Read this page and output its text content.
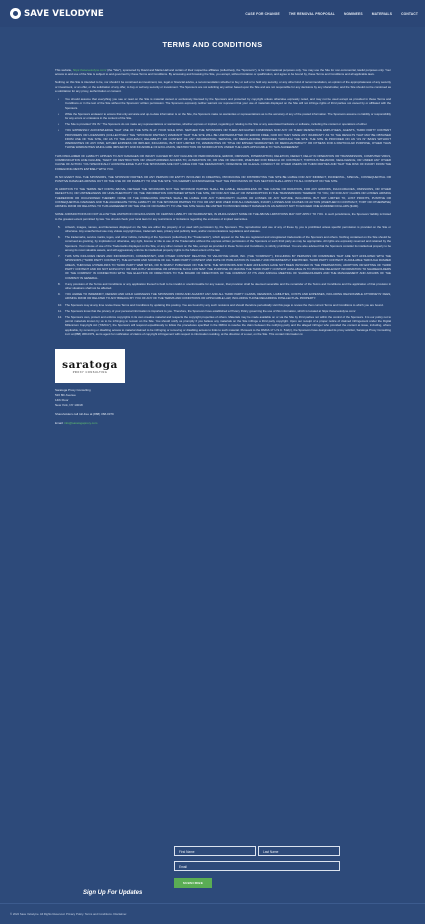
SAVE VELODYNE	CASE FOR CHANGE	THE REMOVAL PROPOSAL	NOMINEES	MATERIALS	CONTACT
TERMS AND CONDITIONS

This website, https://savevelodyne.com/ (the "Site"), sponsored by David and Marta Hall and certain of their respective affiliates (collectively, the "Sponsors"), is for informational purposes only. You may use the Site for non-commercial, lawful purposes only. Your access to and use of the Site is subject to and governed by these Terms and Conditions. By accessing and browsing the Site, you accept, without limitation or qualification, and agree to be bound by, these Terms and Conditions and all applicable laws.

Nothing on this Site is intended to be, nor should it be construed as investment, tax, legal or financial advice, a recommendation whether to buy or sell or to hold any security, or any other kind of recommendation, an opinion of the appropriateness of any security or investment, or an offer, or the solicitation of any offer, to buy or sell any security or investment. The Sponsors are not soliciting any action based upon the Site and are not responsible for any decisions by any shareholder, and the Site should not be construed as a solicitation for any proxy, authorization or consent.

• You should assume that everything you see or read on the Site is material owned or exclusively licensed by the Sponsors and protected by copyright unless otherwise expressly noted, and may not be used except as provided in these Terms and Conditions or in the text of the Site without the Sponsors' written permission. The Sponsors expressly neither warrant nor represent that your use of materials displayed on the Site will not infringe rights of third parties not owned by or affiliated with the Sponsors.
• While the Sponsors endeavor to ensure that only accurate and up-to-date information is on the Site, the Sponsors make no warranties or representations as to the accuracy of any of the posted information. The Sponsors assume no liability or responsibility for any errors or omissions in the content of the Site.
• The Site is provided "AS IS." The Sponsors do not make any representations or warranties, whether express or implied, regarding or relating to the Site or any associated hardware or software, including the content or operations of either.
• YOU EXPRESSLY ACKNOWLEDGE THAT USE OF THE SITE IS AT YOUR SOLE RISK. NEITHER THE SPONSORS OR THEIR AFFILIATED COMPANIES NOR ANY OF THEIR RESPECTIVE EMPLOYEES, AGENTS, THIRD PARTY CONTENT PROVIDERS OR LICENSORS (COLLECTIVELY THE "SPONSOR PARTIES") WARRANT THAT THE SITE WILL BE UNINTERRUPTED OR ERROR FREE, NOR DO THEY MAKE ANY WARRANTY AS TO THE RESULTS THAT MAY BE OBTAINED FROM USE OF THE SITE, OR AS TO THE ACCURACY, RELIABILITY OR CONTENT OF ANY INFORMATION, SERVICE, OR MERCHANDISE PROVIDED THROUGH THE SITE. THE SITE IS PROVIDED ON AN "AS IS" BASIS WITHOUT WARRANTIES OF ANY KIND, EITHER EXPRESS OR IMPLIED, INCLUDING, BUT NOT LIMITED TO, WARRANTIES OF TITLE OR IMPLIED WARRANTIES OF MERCHANTABILITY OR FITNESS FOR A PARTICULAR PURPOSE, OTHER THAN THOSE WARRANTIES WHICH ARE IMPLIED BY AND INCAPABLE OF EXCLUSION, RESTRICTION OR MODIFICATION UNDER THE LAWS APPLICABLE TO THIS AGREEMENT.

THIS DISCLAIMER OF LIABILITY APPLIES TO ANY DAMAGES OR INJURY CAUSED BY ANY FAILURE OF PERFORMANCE, ERROR, OMISSION, INTERRUPTION, DELETION, DEFECT, DELAY IN OPERATION OR TRANSMISSION, COMPUTER VIRUS, COMMUNICATION LINE FAILURE, THEFT OR DESTRUCTION OR UNAUTHORIZED ACCESS TO, ALTERATION OF, OR USE OF RECORD, WHETHER FOR BREACH OF CONTRACT, TORTIOUS BEHAVIOR, NEGLIGENCE, OR UNDER ANY OTHER CAUSE OF ACTION. YOU SPECIFICALLY ACKNOWLEDGE THAT THE SPONSORS ARE NOT LIABLE FOR THE DEFAMATORY, OFFENSIVE OR ILLEGAL CONDUCT OF OTHER USERS OR THIRD PARTIES AND THAT THE RISK OF INJURY FROM THE FOREGOING RESTS ENTIRELY WITH YOU.

IN NO EVENT WILL THE SPONSORS, THE SPONSOR PARTIES OR ANY PERSON OR ENTITY INVOLVED IN CREATING, PRODUCING OR DISTRIBUTING THE SITE BE LIABLE FOR ANY INDIRECT, INCIDENTAL, SPECIAL, CONSEQUENTIAL OR PUNITIVE DAMAGES ARISING OUT OF THE USE OF OR INABILITY TO USE THE SITE. YOU HEREBY ACKNOWLEDGE THAT THE PROVISIONS OF THIS SECTION SHALL APPLY TO ALL CONTENT ON THE SITE.

IN ADDITION TO THE TERMS SET FORTH ABOVE, NEITHER THE SPONSORS NOT THE SPONSOR PARTIES SHALL BE LIABLE, REGARDLESS OF THE CAUSE OR DURATION, FOR ANY ERRORS, INACCURACIES, OMISSIONS, OR OTHER DEFECTS IN, OR UNTIMELINESS OR UNAUTHENTICITY OF, THE INFORMATION CONTAINED WITHIN THE SITE, OR FOR ANY DELAY OR INTERRUPTION IN THE TRANSMISSION THEREOF TO YOU, OR FOR ANY CLAIMS OR LOSSES ARISING THEREFROM OR OCCASIONED THEREBY. NONE OF THE FOREGOING PARTIES SHALL BE LIABLE FOR ANY THIRD-PARTY CLAIMS OR LOSSES OF ANY NATURE, INCLUDING, BUT NOT LIMITED TO, LOST PROFITS, PUNITIVE OR CONSEQUENTIAL DAMAGES AND THE AGGREGATE TOTAL LIABILITY OF THE SPONSOR PARTIES TO YOU OR ANY END USER FOR ALL DAMAGES, INJURY, LOSSES AND CAUSES OF ACTION (WHETHER IN CONTRACT, TORT OR OTHERWISE) ARISING FROM OR RELATING TO THIS AGREEMENT OR THE USE OF OR INABILITY TO USE THE SITE SHALL BE LIMITED TO PROVEN DIRECT DAMAGES IN AN AMOUNT NOT TO EXCEED ONE HUNDRED DOLLARS ($100).

SOME JURISDICTIONS DO NOT ALLOW THE LIMITATION OR EXCLUSION OF CERTAIN LIABILITY OR WARRANTIES, IN WHICH EVENT SOME OF THE ABOVE LIMITATIONS MAY NOT APPLY TO YOU. In such jurisdictions, the Sponsors' liability is limited to the greatest extent permitted by law. You should check your local laws for any restrictions or limitations regarding the exclusion of implied warranties.

5. Artwork, images, names, and likenesses displayed on the Site are either the property of or used with permission by, the Sponsors. The reproduction and use of any of these by you is prohibited unless specific permission is provided on the Site or otherwise. Any unauthorized use may violate copyright laws, trademark laws, privacy and publicity laws, and/or communications regulations and statutes.
6. The trademarks, service marks, logos, and other indicia, including of the Sponsors (collectively the "Trademarks"), which appear on the Site are registered and unregistered trademarks of the Sponsors and others. Nothing contained on the Site should be construed as granting, by implication or otherwise, any right, license or title to use of the Trademarks without the express written permission of the Sponsors or such third party as may be appropriate. All rights are expressly reserved and retained by the Sponsors. Your misuse of use of the Trademarks displayed on the Site, or any other content on the Site, except as provided in these Terms and Conditions, is strictly prohibited. You are also advised that the Sponsors consider its intellectual property to be among its most valuable assets, and will aggressively enforce its intellectual property rights to the fullest extent of the law.
7. THIS SITE INCLUDES NEWS AND INFORMATION, COMMENTARY, AND OTHER CONTENT RELATING TO VELODYNE LIDAR, INC. (THE "COMPANY"), INCLUDING BY PERSONS OR COMPANIES THAT ARE NOT AFFILIATED WITH THE SPONSORS ("THIRD PARTY CONTENT"). THE AUTHOR AND SOURCE OF ALL THIRD PARTY CONTENT AND DATE OF PUBLICATION IS CLEARLY AND PROMINENTLY IDENTIFIED. THIRD PARTY CONTENT IS AVAILABLE THROUGH FRAMED AREAS, THROUGH HYPERLINKS TO THIRD PARTY WEB SITES, OR IS SIMPLY PUBLISHED ON THE SITE. THE SPONSORS AND THEIR AFFILIATES HAVE NOT BEEN INVOLVED IN THE PREPARATION, ADOPTION OR EDITING OF THIRD PARTY CONTENT AND DO NOT EXPLICITLY OR IMPLICITLY ENDORSE OR APPROVE SUCH CONTENT. THE PURPOSE OF MAKING THE THIRD PARTY CONTENT AVAILABLE IS TO PROVIDE RELEVANT INFORMATION TO SHAREHOLDERS OF THE COMPANY IN CONNECTION WITH THE ELECTION OF DIRECTORS TO THE BOARD OF DIRECTORS OF THE COMPANY AT ITS 2022 ANNUAL MEETING OF SHAREHOLDERS AND THE MANAGEMENT AND AFFAIRS OF THE COMPANY IN GENERAL.
8. If any provision of the Terms and Conditions or any application thereof is held to be invalid or unenforceable for any reason, that provision shall be deemed severable and the remainder of the Terms and Conditions and the application of that provision in other situations shall not be affected.
9. YOU AGREE TO INDEMNIFY, DEFEND AND HOLD HARMLESS THE SPONSORS FROM AND AGAINST ANY AND ALL THIRD PARTY CLAIMS, DEMANDS, LIABILITIES, COSTS AND EXPENSES, INCLUDING REASONABLE ATTORNEYS' FEES, ARISING FROM OR RELATED TO ANY BREACH BY YOU OF ANY OF THE TERMS AND CONDITIONS OR APPLICABLE LAW, INCLUDING THOSE REGARDING INTELLECTUAL PROPERTY.
10. The Sponsors may at any time revise these Terms and Conditions by updating this posting. You are bound by any such revisions and should therefore periodically visit this page to review the then current Terms and Conditions to which you are bound.
11. The Sponsors know that the privacy of your personal information is important to you. Therefore, the Sponsors have established a Privacy Policy governing the use of this information, which is located at https://savevelodyne.com/.
12. The Sponsors own, protect and enforce copyrights in its own creative material and respects the copyright properties of others. Materials may be made available on or via the Site by third parties not within the control of the Sponsors. It is our policy not to permit materials known by us to be infringing to remain on the Site. You should notify us promptly if you believe any materials on the Site infringe a third party copyright. Upon our receipt of a proper notice of claimed infringement under the Digital Millennium Copyright Act ("DMCA"), the Sponsors will respond expeditiously to follow the procedures specified in the DMCA to resolve the claim between the notifying party and the alleged infringer who provided the content at issue, including, where applicable, by removing or disabling access to material claimed to be infringing or removing or disabling access to links to such material. Pursuant to the DMCA 17 U.S.C. 512(c), the Sponsors have designated its proxy solicitor, Saratoga Proxy Consulting LLC at (888) 368-0379, as its agent for notification of claims of copyright infringement with respect to information residing, at the direction of a user, on the Site. This contact information is:
saratoga
PROXY CONSULTING
Saratoga Proxy Consulting
520 8th Avenue
14th Floor
New York, NY 10018
Shareholders call toll-free at (888) 368-0379
Email: info@saratogaproxy.com
Sign Up For Updates
First Name	Last Name
Email
SUBSCRIBE
© 2022 Save Velodyne. All Rights Reserved. Privacy Policy. Terms and Conditions. Disclaimer.
